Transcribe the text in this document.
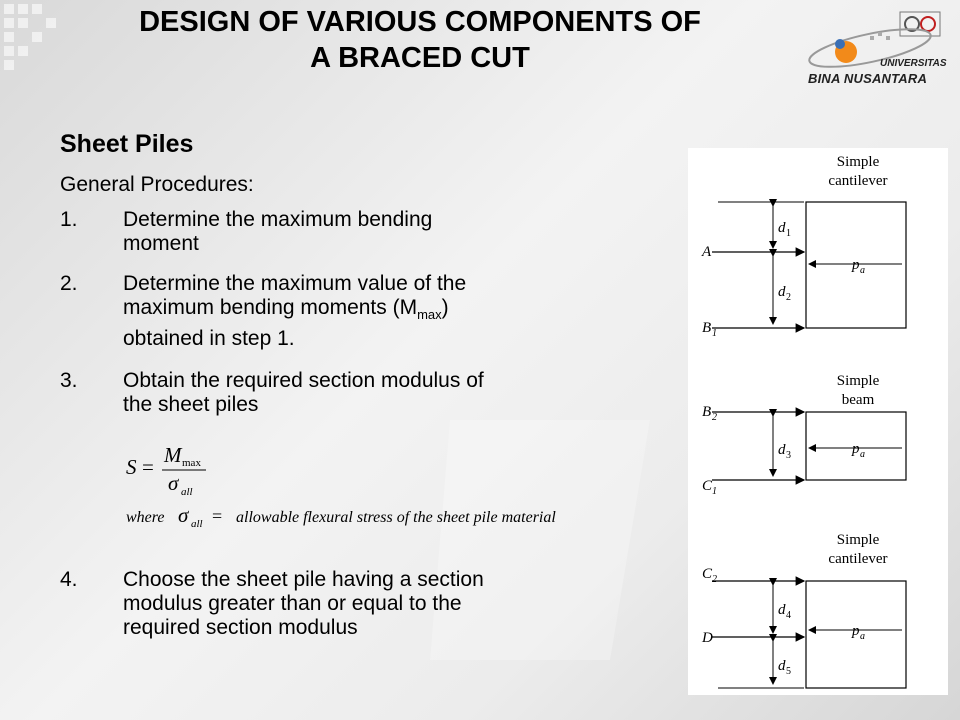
DESIGN OF VARIOUS COMPONENTS OF
A BRACED CUT	UNIVERSITAS
BINA NUSANTARA
Sheet Piles
General Procedures:
1. Determine the maximum bending
moment
2. Determine the maximum value of the
maximum bending moments $(M_{max})$
obtained in step 1.
3. Obtain the required section modulus of
the sheet piles
S = M max
σ all
where σ all = allowable flexural stress of the sheet pile material
4. Choose the sheet pile having a section
modulus greater than or equal to the
required section modulus
Simple
cantilever
A
B 1
d 1
d 2
p a
Simple
beam
B 2
C 1
d 3	p a
Simple
cantilever
C 2
D
d 4
d 5
p a
